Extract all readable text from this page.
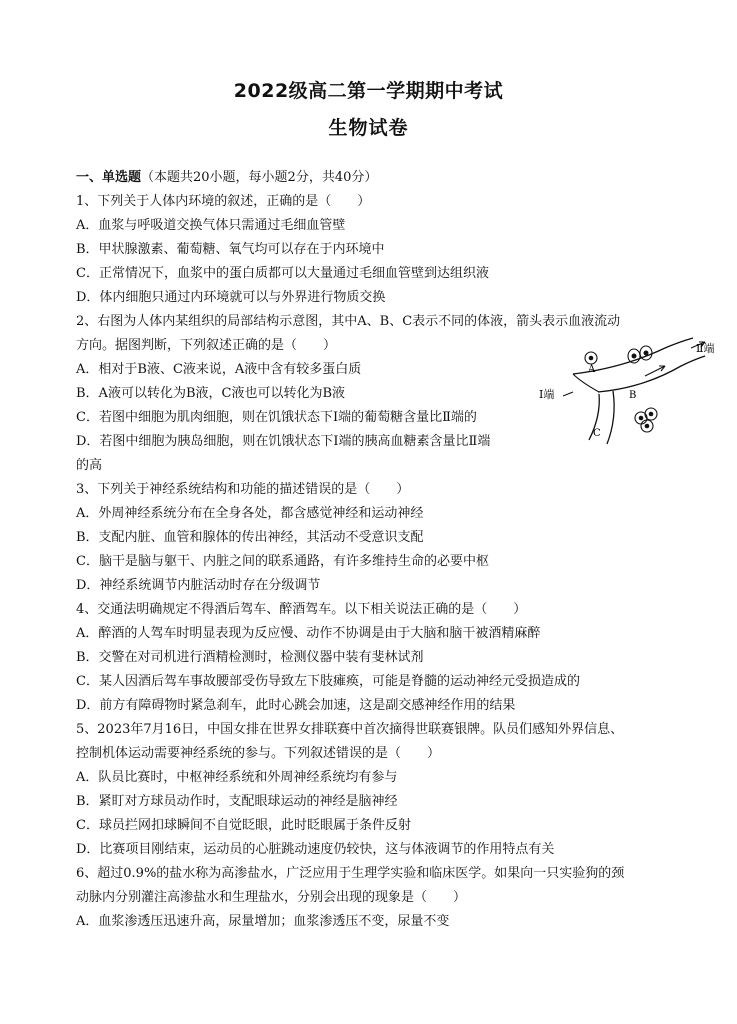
2022级高二第一学期期中考试
生物试卷
一、单选题（本题共20小题，每小题2分，共40分）
1、下列关于人体内环境的叙述，正确的是（　　）
A．血浆与呼吸道交换气体只需通过毛细血管壁
B．甲状腺激素、葡萄糖、氧气均可以存在于内环境中
C．正常情况下，血浆中的蛋白质都可以大量通过毛细血管壁到达组织液
D．体内细胞只通过内环境就可以与外界进行物质交换
2、右图为人体内某组织的局部结构示意图，其中A、B、C表示不同的体液，箭头表示血液流动
方向。据图判断，下列叙述正确的是（　　）
A．相对于B液、C液来说，A液中含有较多蛋白质
B．A液可以转化为B液，C液也可以转化为B液
C．若图中细胞为肌肉细胞，则在饥饿状态下Ⅰ端的葡萄糖含量比Ⅱ端的
D．若图中细胞为胰岛细胞，则在饥饿状态下Ⅰ端的胰高血糖素含量比Ⅱ端
的高
3、下列关于神经系统结构和功能的描述错误的是（　　）
A．外周神经系统分布在全身各处，都含感觉神经和运动神经
B．支配内脏、血管和腺体的传出神经，其活动不受意识支配
C．脑干是脑与躯干、内脏之间的联系通路，有许多维持生命的必要中枢
D．神经系统调节内脏活动时存在分级调节
4、交通法明确规定不得酒后驾车、醉酒驾车。以下相关说法正确的是（　　）
A．醉酒的人驾车时明显表现为反应慢、动作不协调是由于大脑和脑干被酒精麻醉
B．交警在对司机进行酒精检测时，检测仪器中装有斐林试剂
C．某人因酒后驾车事故腰部受伤导致左下肢瘫痪，可能是脊髓的运动神经元受损造成的
D．前方有障碍物时紧急刹车，此时心跳会加速，这是副交感神经作用的结果
5、2023年7月16日，中国女排在世界女排联赛中首次摘得世联赛银牌。队员们感知外界信息、
控制机体运动需要神经系统的参与。下列叙述错误的是（　　）
A．队员比赛时，中枢神经系统和外周神经系统均有参与
B．紧盯对方球员动作时，支配眼球运动的神经是脑神经
C．球员拦网扣球瞬间不自觉眨眼，此时眨眼属于条件反射
D．比赛项目刚结束，运动员的心脏跳动速度仍较快，这与体液调节的作用特点有关
6、超过0.9%的盐水称为高渗盐水，广泛应用于生理学实验和临床医学。如果向一只实验狗的颈
动脉内分别灌注高渗盐水和生理盐水，分别会出现的现象是（　　）
A．血浆渗透压迅速升高，尿量增加；血浆渗透压不变，尿量不变
A
B
C
Ⅰ端
Ⅱ端
